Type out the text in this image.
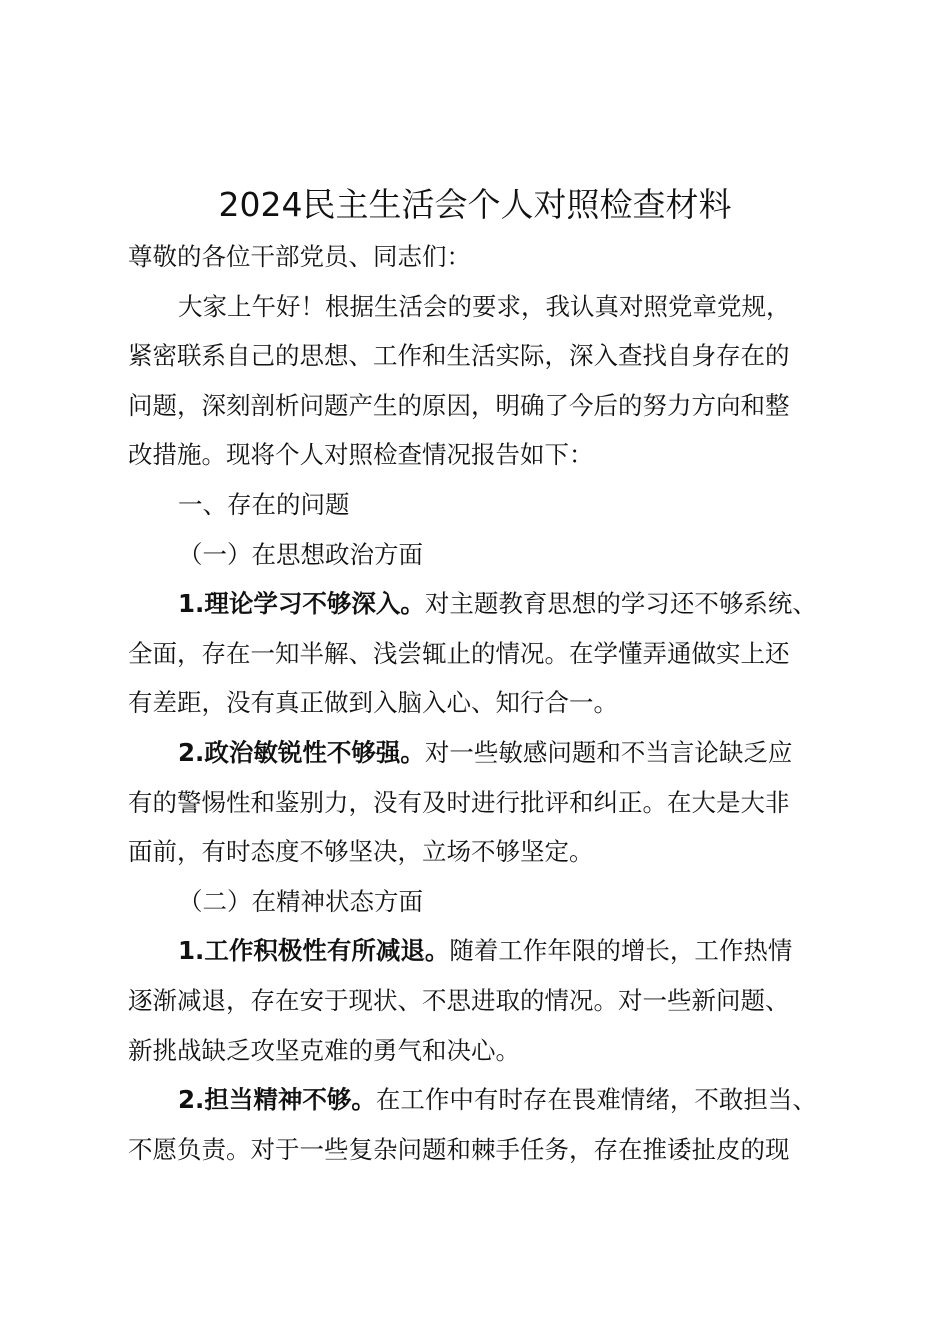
2024民主生活会个人对照检查材料
尊敬的各位干部党员、同志们：
大家上午好！根据生活会的要求，我认真对照党章党规，
紧密联系自己的思想、工作和生活实际，深入查找自身存在的
问题，深刻剖析问题产生的原因，明确了今后的努力方向和整
改措施。现将个人对照检查情况报告如下：
一、存在的问题
（一）在思想政治方面
1.理论学习不够深入。对主题教育思想的学习还不够系统、
全面，存在一知半解、浅尝辄止的情况。在学懂弄通做实上还
有差距，没有真正做到入脑入心、知行合一。
2.政治敏锐性不够强。对一些敏感问题和不当言论缺乏应
有的警惕性和鉴别力，没有及时进行批评和纠正。在大是大非
面前，有时态度不够坚决，立场不够坚定。
（二）在精神状态方面
1.工作积极性有所减退。随着工作年限的增长，工作热情
逐渐减退，存在安于现状、不思进取的情况。对一些新问题、
新挑战缺乏攻坚克难的勇气和决心。
2.担当精神不够。在工作中有时存在畏难情绪，不敢担当、
不愿负责。对于一些复杂问题和棘手任务，存在推诿扯皮的现
